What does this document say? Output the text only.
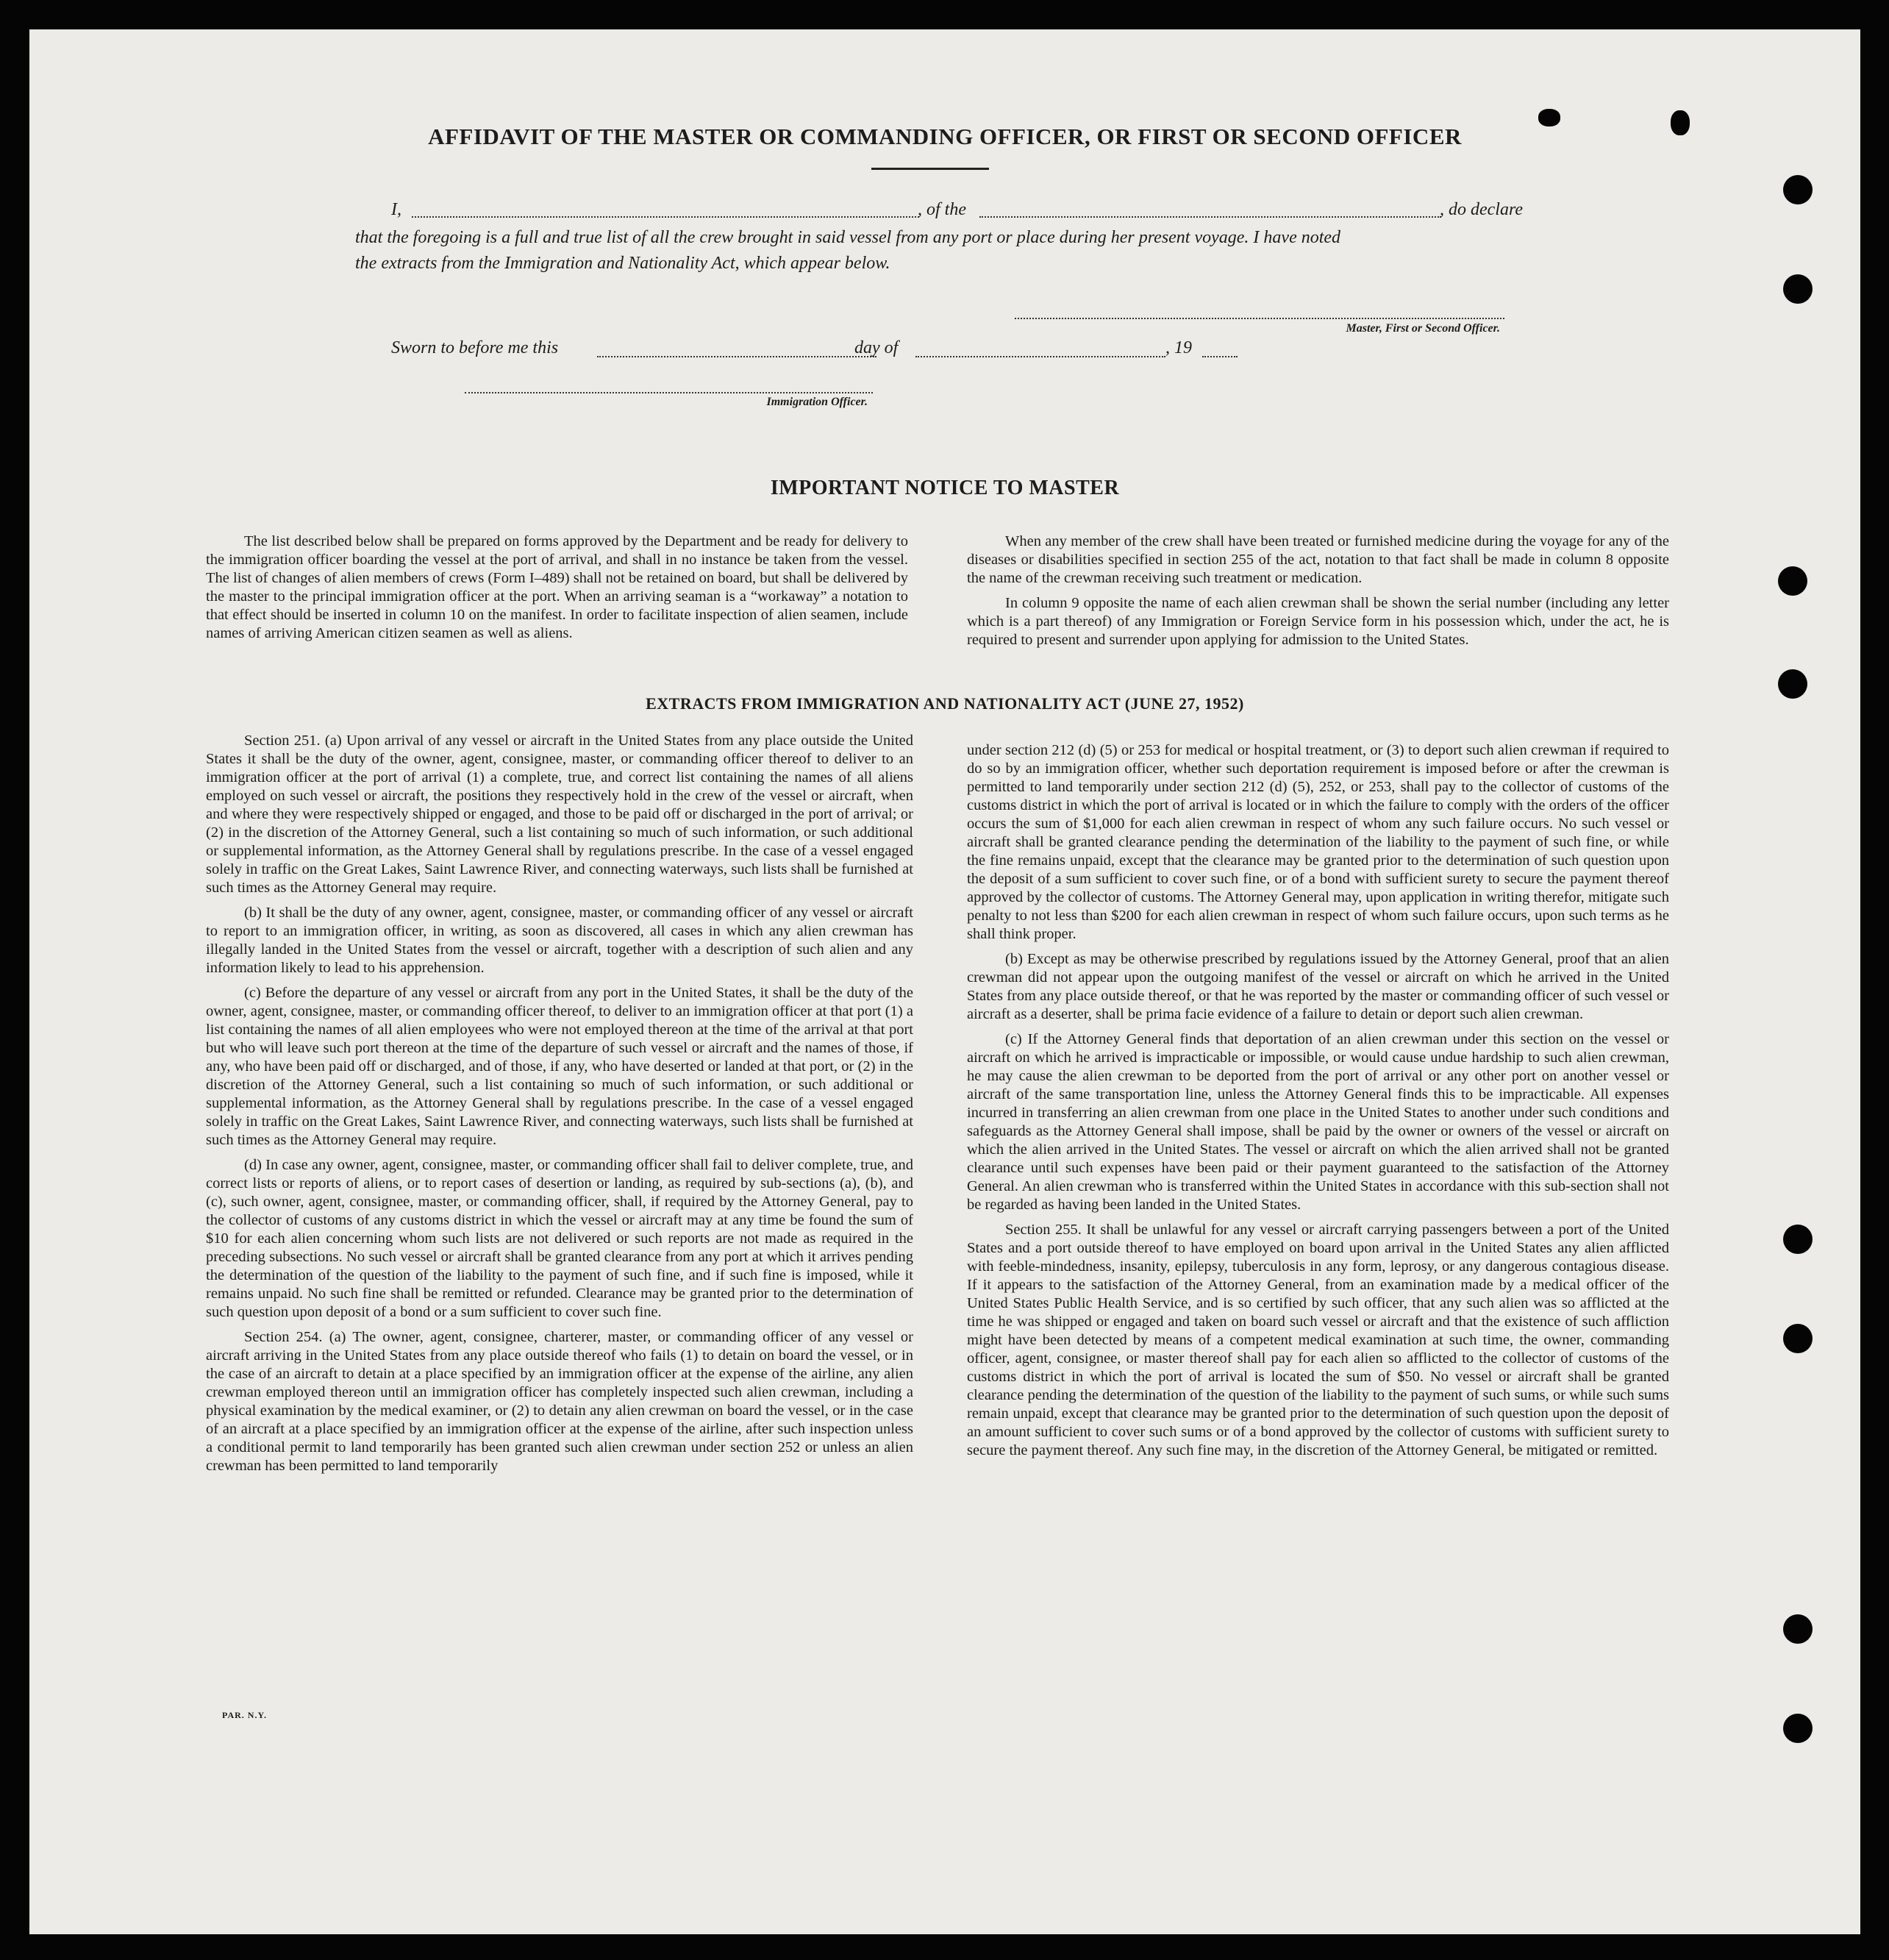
AFFIDAVIT OF THE MASTER OR COMMANDING OFFICER, OR FIRST OR SECOND OFFICER
I,	, of the	, do declare
that the foregoing is a full and true list of all the crew brought in said vessel from any port or place during her present voyage. I have noted
the extracts from the Immigration and Nationality Act, which appear below.
Master, First or Second Officer.
Sworn to before me this	day of	, 19
Immigration Officer.
IMPORTANT NOTICE TO MASTER

The list described below shall be prepared on forms approved by the Department and be ready for delivery to the immigration officer boarding the vessel at the port of arrival, and shall in no instance be taken from the vessel. The list of changes of alien members of crews (Form I–489) shall not be retained on board, but shall be delivered by the master to the principal immigration officer at the port. When an arriving seaman is a “workaway” a notation to that effect should be inserted in column 10 on the manifest. In order to facilitate inspection of alien seamen, include names of arriving American citizen seamen as well as aliens.

When any member of the crew shall have been treated or furnished medicine during the voyage for any of the diseases or disabilities specified in section 255 of the act, notation to that fact shall be made in column 8 opposite the name of the crewman receiving such treatment or medication.

In column 9 opposite the name of each alien crewman shall be shown the serial number (including any letter which is a part thereof) of any Immigration or Foreign Service form in his possession which, under the act, he is required to present and surrender upon applying for admission to the United States.

EXTRACTS FROM IMMIGRATION AND NATIONALITY ACT (JUNE 27, 1952)

Section 251. (a) Upon arrival of any vessel or aircraft in the United States from any place outside the United States it shall be the duty of the owner, agent, consignee, master, or commanding officer thereof to deliver to an immigration officer at the port of arrival (1) a complete, true, and correct list containing the names of all aliens employed on such vessel or aircraft, the positions they respectively hold in the crew of the vessel or aircraft, when and where they were respectively shipped or engaged, and those to be paid off or discharged in the port of arrival; or (2) in the discretion of the Attorney General, such a list containing so much of such information, or such additional or supplemental information, as the Attorney General shall by regulations prescribe. In the case of a vessel engaged solely in traffic on the Great Lakes, Saint Lawrence River, and connecting waterways, such lists shall be furnished at such times as the Attorney General may require.

(b) It shall be the duty of any owner, agent, consignee, master, or commanding officer of any vessel or aircraft to report to an immigration officer, in writing, as soon as discovered, all cases in which any alien crewman has illegally landed in the United States from the vessel or aircraft, together with a description of such alien and any information likely to lead to his apprehension.

(c) Before the departure of any vessel or aircraft from any port in the United States, it shall be the duty of the owner, agent, consignee, master, or commanding officer thereof, to deliver to an immigration officer at that port (1) a list containing the names of all alien employees who were not employed thereon at the time of the arrival at that port but who will leave such port thereon at the time of the departure of such vessel or aircraft and the names of those, if any, who have been paid off or discharged, and of those, if any, who have deserted or landed at that port, or (2) in the discretion of the Attorney General, such a list containing so much of such information, or such additional or supplemental information, as the Attorney General shall by regulations prescribe. In the case of a vessel engaged solely in traffic on the Great Lakes, Saint Lawrence River, and connecting waterways, such lists shall be furnished at such times as the Attorney General may require.

(d) In case any owner, agent, consignee, master, or commanding officer shall fail to deliver complete, true, and correct lists or reports of aliens, or to report cases of desertion or landing, as required by sub-sections (a), (b), and (c), such owner, agent, consignee, master, or commanding officer, shall, if required by the Attorney General, pay to the collector of customs of any customs district in which the vessel or aircraft may at any time be found the sum of $10 for each alien concerning whom such lists are not delivered or such reports are not made as required in the preceding subsections. No such vessel or aircraft shall be granted clearance from any port at which it arrives pending the determination of the question of the liability to the payment of such fine, and if such fine is imposed, while it remains unpaid. No such fine shall be remitted or refunded. Clearance may be granted prior to the determination of such question upon deposit of a bond or a sum sufficient to cover such fine.

Section 254. (a) The owner, agent, consignee, charterer, master, or commanding officer of any vessel or aircraft arriving in the United States from any place outside thereof who fails (1) to detain on board the vessel, or in the case of an aircraft to detain at a place specified by an immigration officer at the expense of the airline, any alien crewman employed thereon until an immigration officer has completely inspected such alien crewman, including a physical examination by the medical examiner, or (2) to detain any alien crewman on board the vessel, or in the case of an aircraft at a place specified by an immigration officer at the expense of the airline, after such inspection unless a conditional permit to land temporarily has been granted such alien crewman under section 252 or unless an alien crewman has been permitted to land temporarily

under section 212 (d) (5) or 253 for medical or hospital treatment, or (3) to deport such alien crewman if required to do so by an immigration officer, whether such deportation requirement is imposed before or after the crewman is permitted to land temporarily under section 212 (d) (5), 252, or 253, shall pay to the collector of customs of the customs district in which the port of arrival is located or in which the failure to comply with the orders of the officer occurs the sum of $1,000 for each alien crewman in respect of whom any such failure occurs. No such vessel or aircraft shall be granted clearance pending the determination of the liability to the payment of such fine, or while the fine remains unpaid, except that the clearance may be granted prior to the determination of such question upon the deposit of a sum sufficient to cover such fine, or of a bond with sufficient surety to secure the payment thereof approved by the collector of customs. The Attorney General may, upon application in writing therefor, mitigate such penalty to not less than $200 for each alien crewman in respect of whom such failure occurs, upon such terms as he shall think proper.

(b) Except as may be otherwise prescribed by regulations issued by the Attorney General, proof that an alien crewman did not appear upon the outgoing manifest of the vessel or aircraft on which he arrived in the United States from any place outside thereof, or that he was reported by the master or commanding officer of such vessel or aircraft as a deserter, shall be prima facie evidence of a failure to detain or deport such alien crewman.

(c) If the Attorney General finds that deportation of an alien crewman under this section on the vessel or aircraft on which he arrived is impracticable or impossible, or would cause undue hardship to such alien crewman, he may cause the alien crewman to be deported from the port of arrival or any other port on another vessel or aircraft of the same transportation line, unless the Attorney General finds this to be impracticable. All expenses incurred in transferring an alien crewman from one place in the United States to another under such conditions and safeguards as the Attorney General shall impose, shall be paid by the owner or owners of the vessel or aircraft on which the alien arrived in the United States. The vessel or aircraft on which the alien arrived shall not be granted clearance until such expenses have been paid or their payment guaranteed to the satisfaction of the Attorney General. An alien crewman who is transferred within the United States in accordance with this sub-section shall not be regarded as having been landed in the United States.

Section 255. It shall be unlawful for any vessel or aircraft carrying passengers between a port of the United States and a port outside thereof to have employed on board upon arrival in the United States any alien afflicted with feeble-mindedness, insanity, epilepsy, tuberculosis in any form, leprosy, or any dangerous contagious disease. If it appears to the satisfaction of the Attorney General, from an examination made by a medical officer of the United States Public Health Service, and is so certified by such officer, that any such alien was so afflicted at the time he was shipped or engaged and taken on board such vessel or aircraft and that the existence of such affliction might have been detected by means of a competent medical examination at such time, the owner, commanding officer, agent, consignee, or master thereof shall pay for each alien so afflicted to the collector of customs of the customs district in which the port of arrival is located the sum of $50. No vessel or aircraft shall be granted clearance pending the determination of the question of the liability to the payment of such sums, or while such sums remain unpaid, except that clearance may be granted prior to the determination of such question upon the deposit of an amount sufficient to cover such sums or of a bond approved by the collector of customs with sufficient surety to secure the payment thereof. Any such fine may, in the discretion of the Attorney General, be mitigated or remitted.

PAR. N.Y.
